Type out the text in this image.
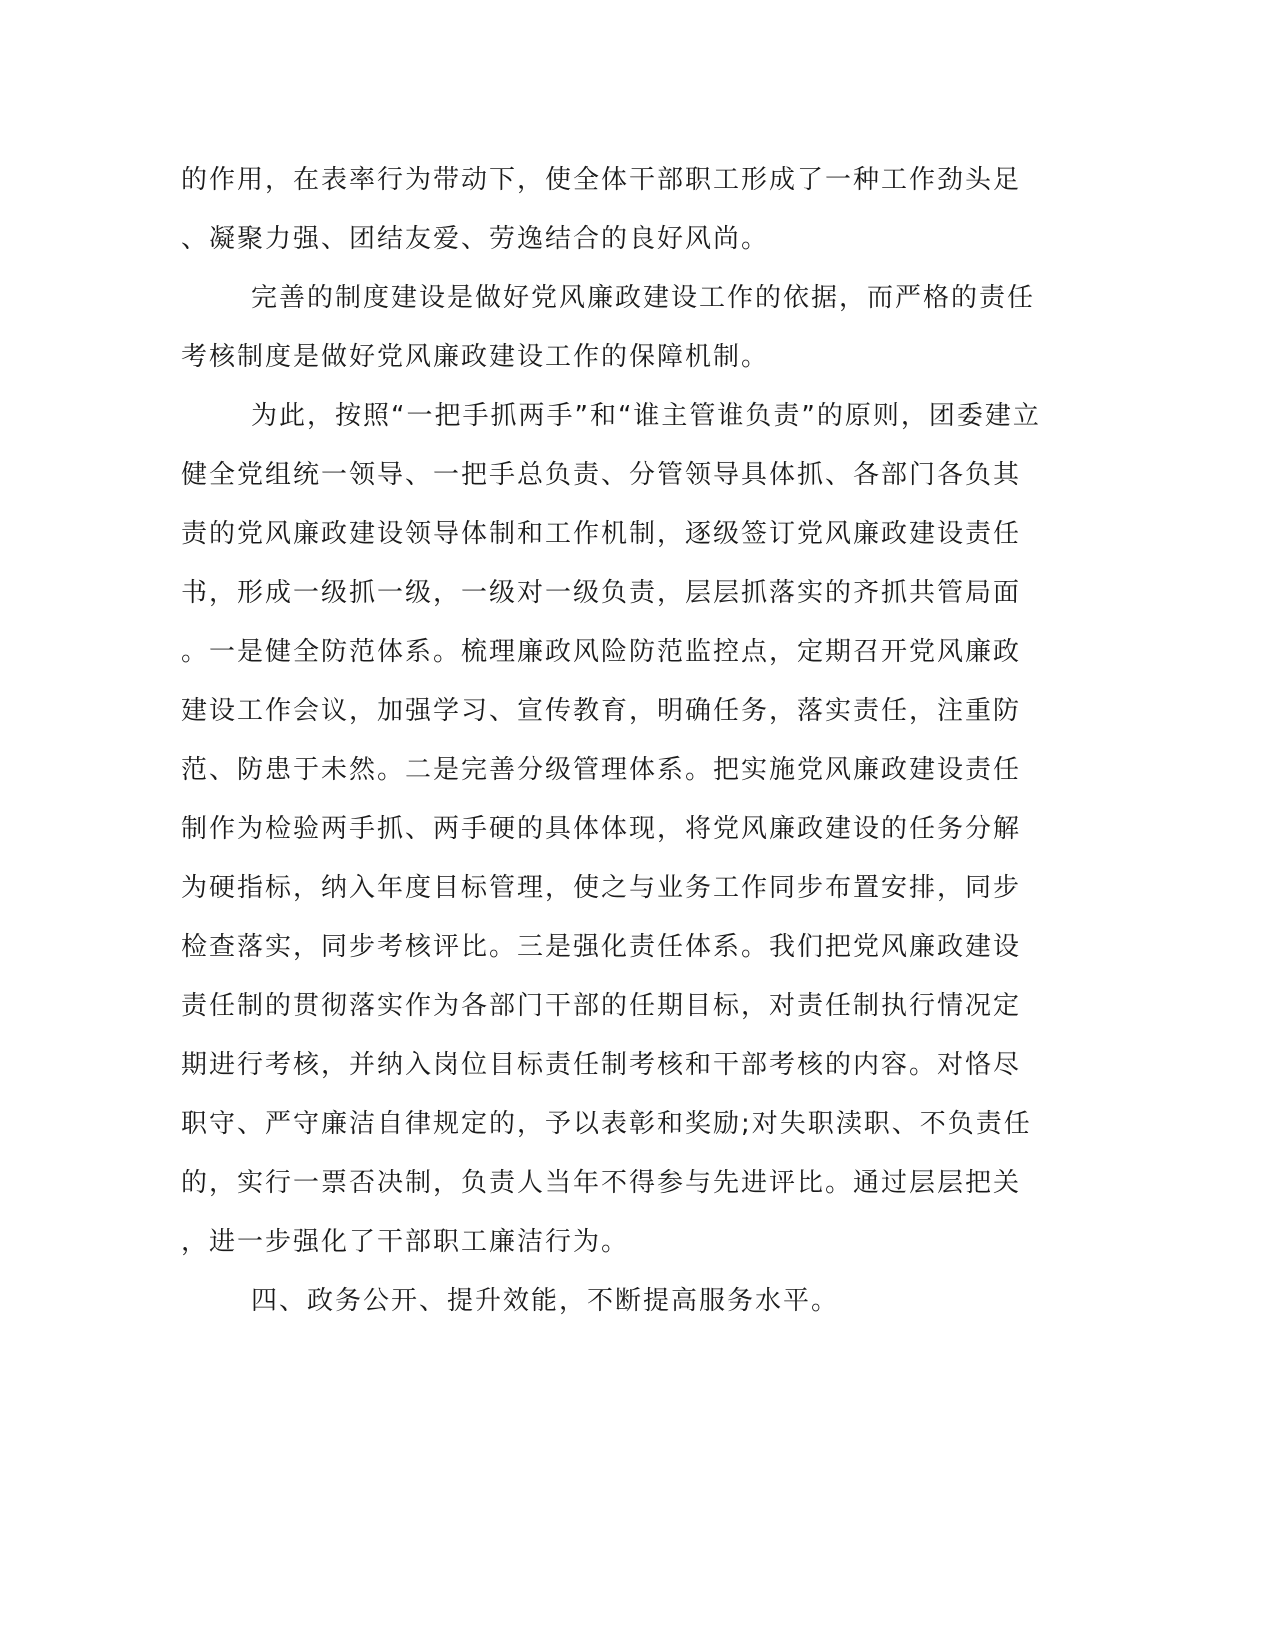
的作用，在表率行为带动下，使全体干部职工形成了一种工作劲头足
、凝聚力强、团结友爱、劳逸结合的良好风尚。
完善的制度建设是做好党风廉政建设工作的依据，而严格的责任
考核制度是做好党风廉政建设工作的保障机制。
为此，按照“一把手抓两手”和“谁主管谁负责”的原则，团委建立
健全党组统一领导、一把手总负责、分管领导具体抓、各部门各负其
责的党风廉政建设领导体制和工作机制，逐级签订党风廉政建设责任
书，形成一级抓一级，一级对一级负责，层层抓落实的齐抓共管局面
。一是健全防范体系。梳理廉政风险防范监控点，定期召开党风廉政
建设工作会议，加强学习、宣传教育，明确任务，落实责任，注重防
范、防患于未然。二是完善分级管理体系。把实施党风廉政建设责任
制作为检验两手抓、两手硬的具体体现，将党风廉政建设的任务分解
为硬指标，纳入年度目标管理，使之与业务工作同步布置安排，同步
检查落实，同步考核评比。三是强化责任体系。我们把党风廉政建设
责任制的贯彻落实作为各部门干部的任期目标，对责任制执行情况定
期进行考核，并纳入岗位目标责任制考核和干部考核的内容。对恪尽
职守、严守廉洁自律规定的，予以表彰和奖励;对失职渎职、不负责任
的，实行一票否决制，负责人当年不得参与先进评比。通过层层把关
，进一步强化了干部职工廉洁行为。
四、政务公开、提升效能，不断提高服务水平。
